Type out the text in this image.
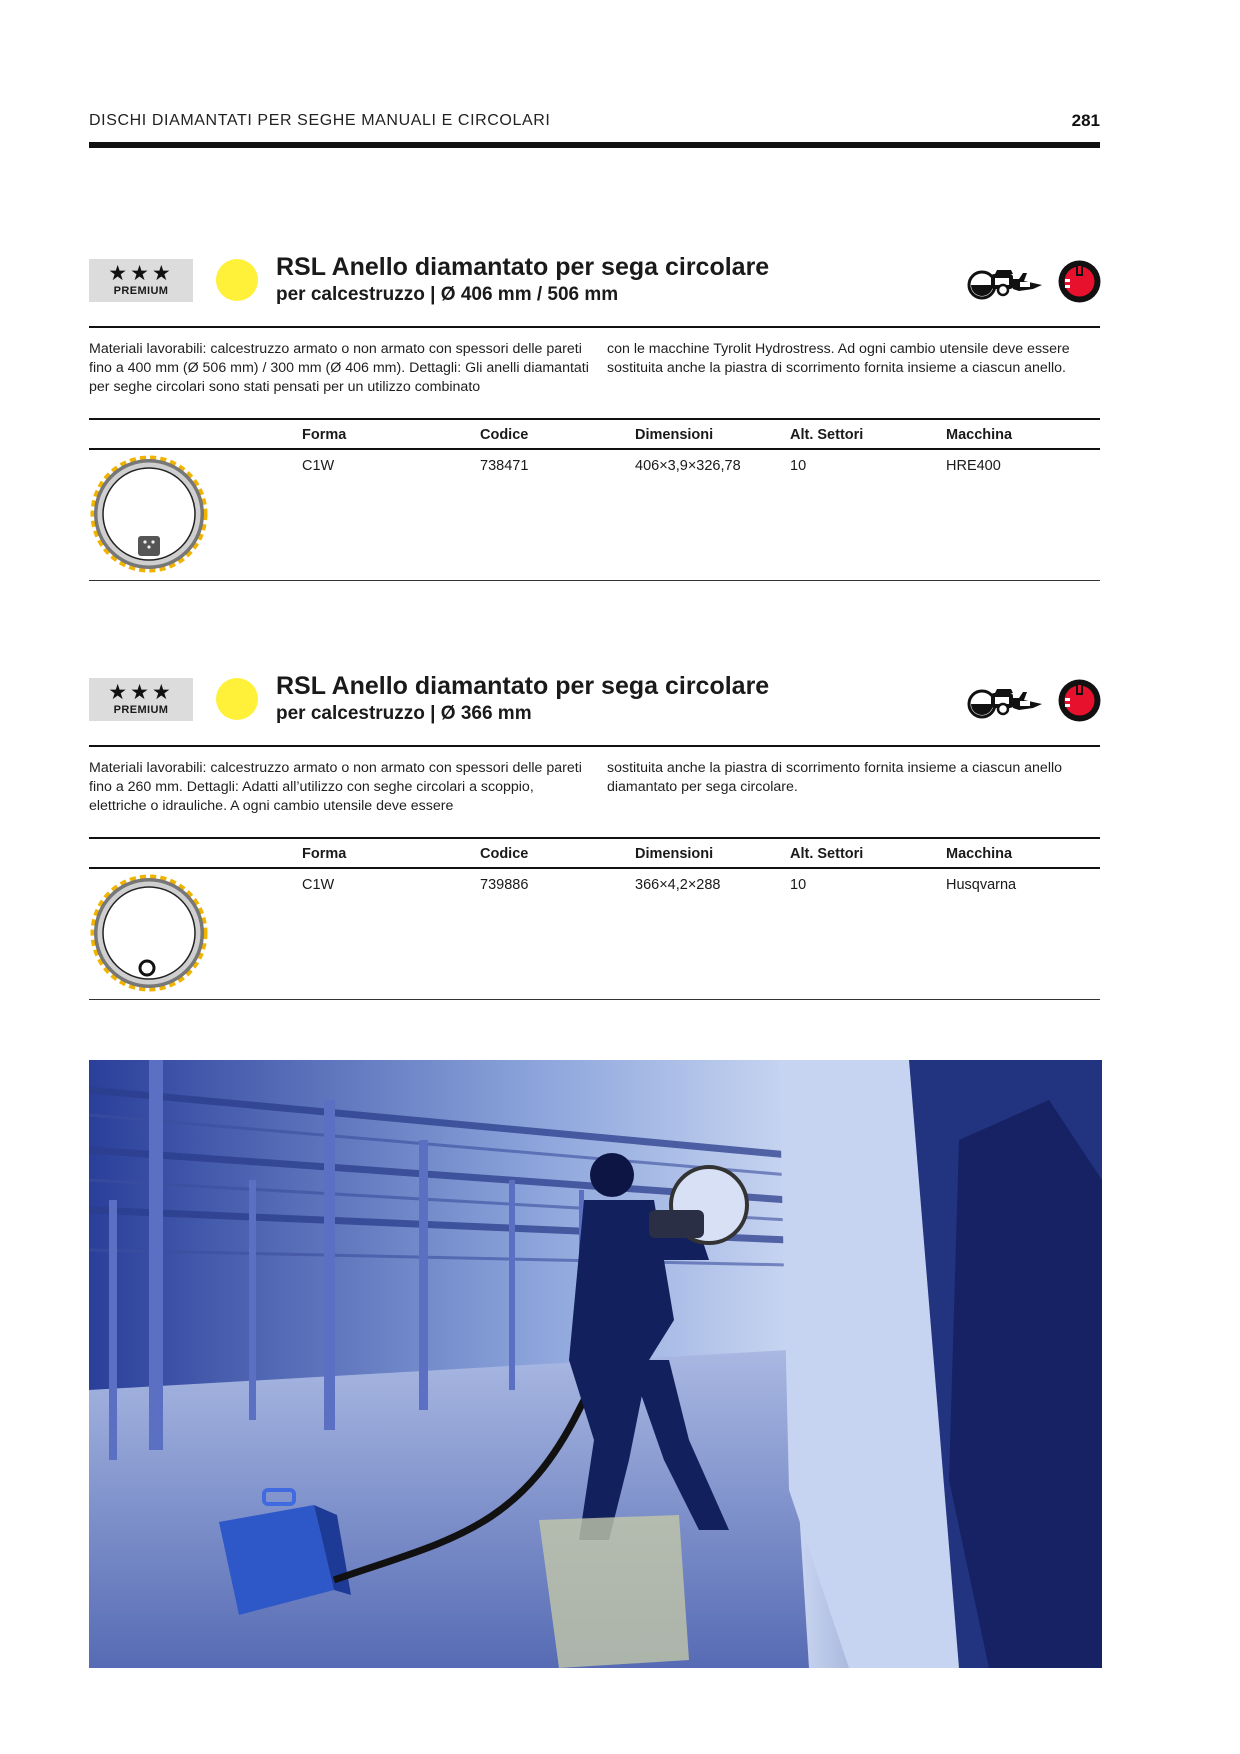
DISCHI DIAMANTATI PER SEGHE MANUALI E CIRCOLARI	281
★★★
PREMIUM
RSL Anello diamantato per sega circolare
per calcestruzzo | Ø 406 mm / 506 mm
Materiali lavorabili: calcestruzzo armato o non armato con spessori delle pareti fino a 400 mm (Ø 506 mm) / 300 mm (Ø 406 mm). Dettagli: Gli anelli diamantati per seghe circolari sono stati pensati per un utilizzo combinato
con le macchine Tyrolit Hydrostress. Ad ogni cambio utensile deve essere sostituita anche la piastra di scorrimento fornita insieme a ciascun anello.
Forma	Codice	Dimensioni	Alt. Settori	Macchina
C1W	738471	406×3,9×326,78	10	HRE400
★★★
PREMIUM
RSL Anello diamantato per sega circolare
per calcestruzzo | Ø 366 mm
Materiali lavorabili: calcestruzzo armato o non armato con spessori delle pareti fino a 260 mm. Dettagli: Adatti all’utilizzo con seghe circolari a scoppio, elettriche o idrauliche. A ogni cambio utensile deve essere
sostituita anche la piastra di scorrimento fornita insieme a ciascun anello diamantato per sega circolare.
Forma	Codice	Dimensioni	Alt. Settori	Macchina
C1W	739886	366×4,2×288	10	Husqvarna
